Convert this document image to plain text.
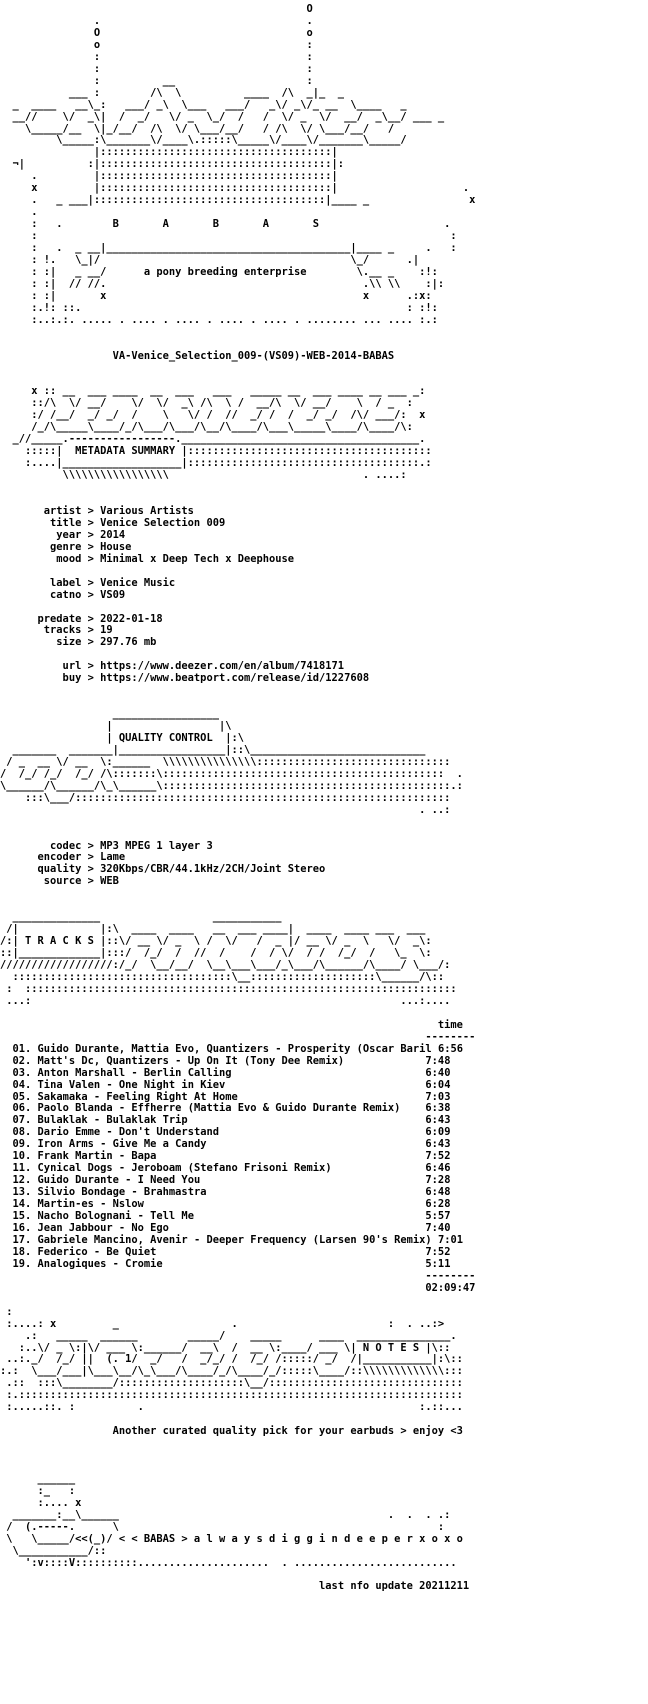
O
.                                 .
O                                 o
o                                 :
:                                 :
:                                 :
:          __                     :
___ :        /\  \          ____  /\  _|_  _
_  ____   __\_:   ___/ _\  \___   ___/   _\/ _\/_ __  \____   _
__//    \/  _\|  /  _/   \/ _  \_/  /   /  \/ _  \/  __/  _\__/ ___ _
\_____/__  \|_/__/  /\  \/ \___/__/   / /\  \/ \___/__/   /
\_____:\_______\/____\.:::::\_____\/____\/_______\_____/
|:::::::::::::::::::::::::::::::::::::|
¬|          :|:::::::::::::::::::::::::::::::::::::|:
.         |:::::::::::::::::::::::::::::::::::::|
x         |:::::::::::::::::::::::::::::::::::::|                    .
.   _ ___|:::::::::::::::::::::::::::::::::::::|____ _                x
.
:   .        B       A       B       A       S                    .
:                                                                  :
:   .  _ __|_______________________________________|____ _     .   :
: !.   \_|/                                        \_/      .|
: :|   _ __/      a pony breeding enterprise        \.__ _    :!:
: :|  // //.                                         .\\ \\    :|:
: :|       x                                         x      .:x:
:.!: ::.                                                    : :!:
:..:.:. ..... . .... . .... . .... . .... . ........ ... .... :.:

VA-Venice_Selection_009-(VS09)-WEB-2014-BABAS
x :: __  ___ ____  __  ___   ___   _____ __  ___ ____ __ ___ _:
::/\  \/ __/    \/  \/  _\ /\  \ /  __/\  \/ __/    \  / _  :
:/ /__/  _/ _/  /    \   \/ /  //  _/ /  /  _/ _/  /\/ ___/:  x
/_/\_____\____/_/\___/\___/\__/\____/\___\_____\____/\____/\:
_//_____.-----------------.______________________________________.
:::::|  METADATA SUMMARY |:::::::::::::::::::::::::::::::::::::::
:....|___________________|:::::::::::::::::::::::::::::::::::::.:
\\\\\\\\\\\\\\\\\                               . ....:
artist > Various Artists
title > Venice Selection 009
year > 2014
genre > House
mood > Minimal x Deep Tech x Deephouse
label > Venice Music
catno > VS09
predate > 2022-01-18
tracks > 19
size > 297.76 mb
url > https://www.deezer.com/en/album/7418171
buy > https://www.beatport.com/release/id/1227608
_________________
|                 |\
| QUALITY CONTROL  |:\
_______  _______|_________________|::\____________________________
/ _  __ \/ __  \:______  \\\\\\\\\\\\\\\:::::::::::::::::::::::::::::::
/  /_/ /_/  /_/ /\:::::::\:::::::::::::::::::::::::::::::::::::::::::::  .
\______/\______/\_\______\::::::::::::::::::::::::::::::::::::::::::::::.:
:::\___/::::::::::::::::::::::::::::::::::::::::::::::::::::::::::::
. ..:
codec > MP3 MPEG 1 layer 3
encoder > Lame
quality > 320Kbps/CBR/44.1kHz/2CH/Joint Stereo
source > WEB
______________                  ___________
/|             |:\  ____  ____   __  ___ ____|  ____  ____ ___  ___
/:| T R A C K S |::\/ __ \/ _  \ /  \/   /  _ |/ __ \/ _  \   \/  _\:
::|_____________|:::/  /_/  /  //  /    /  / \/  / /  /_/  /   \_  \:
//////////////////:/_/  \__/__/  \__\___\___/_\___/\______/\____/ \___/:
:::::::::::::::::::::::::::::::::::\__::::::::::::::::::::\______/\::
:  :::::::::::::::::::::::::::::::::::::::::::::::::::::::::::::::::::::
...:                                                           ...:....
time
--------
01. Guido Durante, Mattia Evo, Quantizers - Prosperity (Oscar Baril 6:56
02. Matt's Dc, Quantizers - Up On It (Tony Dee Remix)	7:48
03. Anton Marshall - Berlin Calling	6:40
04. Tina Valen - One Night in Kiev	6:04
05. Sakamaka - Feeling Right At Home	7:03
06. Paolo Blanda - Effherre (Mattia Evo & Guido Durante Remix) 6:38
07. Bulaklak - Bulaklak Trip	6:43
08. Dario Emme - Don't Understand	6:09
09. Iron Arms - Give Me a Candy	6:43
10. Frank Martin - Bapa	7:52
11. Cynical Dogs - Jeroboam (Stefano Frisoni Remix)	6:46
12. Guido Durante - I Need You	7:28
13. Silvio Bondage - Brahmastra	6:48
14. Martin-es - Nslow	6:28
15. Nacho Bolognani - Tell Me	5:57
16. Jean Jabbour - No Ego	7:40
17. Gabriele Mancino, Avenir - Deeper Frequency (Larsen 90's Remix) 7:01
18. Federico - Be Quiet	7:52
19. Analogiques - Cromie	5:11
--------
02:09:47
:
:....: x         _                  .                        :  . ..:>
.:   _____  ______        _____/    _____      ____  _______________.
:..\/ _ \:|\/ ___ \:______/  __\  /  __ \:____/ ___ \| N O T E S |\::
..:._/  /_/ ||  (. 1/  _/   /  _/_/ /  /_/ /:::::/ _/  /|___________|:\::
:.:  \___/___|\___\__/\_\___/\____/_/\____/_/:::::\____/::\\\\\\\\\\\\\:::
.::  :::\________/::::::::::::::::::::\__/:::::::::::::::::::::::::::::::
:.:::::::::::::::::::::::::::::::::::::::::::::::::::::::::::::::::::::::
:.....::. :          .                                            :.::...
Another curated quality pick for your earbuds > enjoy <3
______
:_   :
:.... x
_______:__\______                                           .  .  . .:
/  (.-----.      \                                                   :
\   \_____/<<(_)/ < < BABAS > a l w a y s d i g g i n d e e p e r x o x o
\___________/::
':v::::V::::::::::.....................  . ..........................
last nfo update 20211211
